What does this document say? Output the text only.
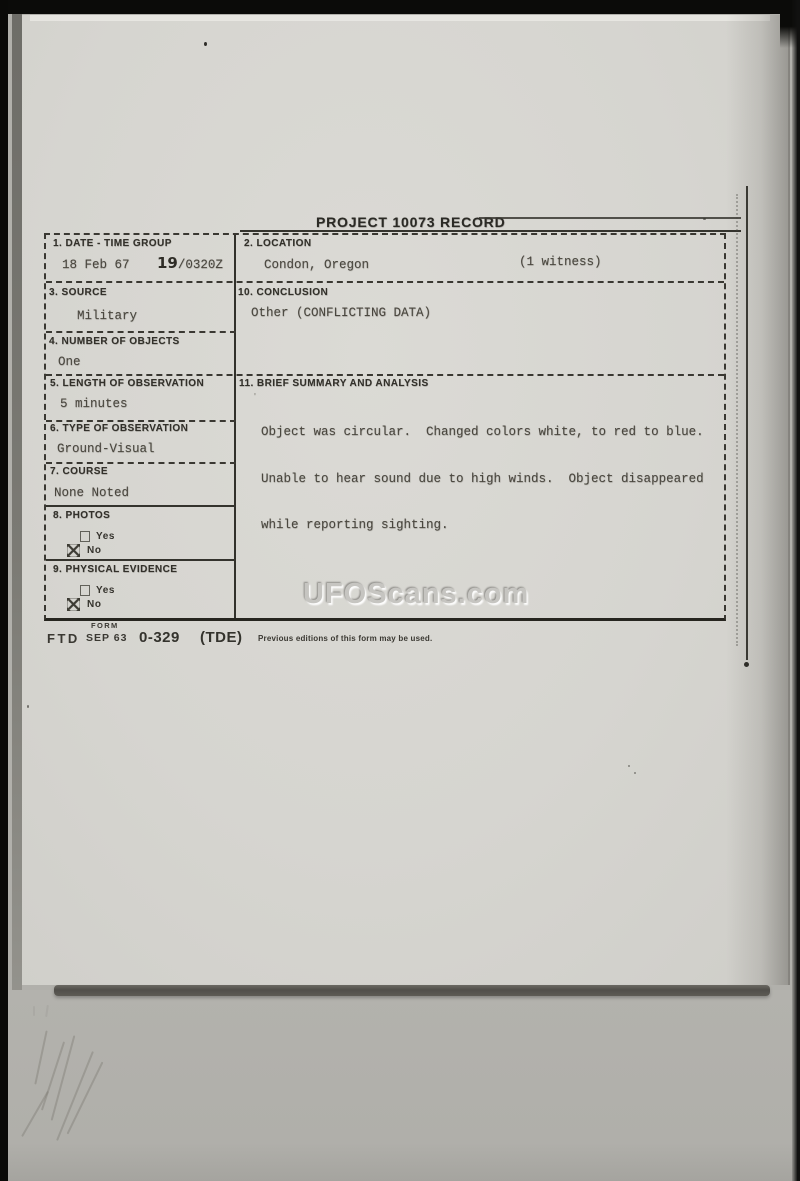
PROJECT 10073 RECORD
1. DATE - TIME GROUP
18 Feb 67 19/0320Z
2. LOCATION
Condon, Oregon	(1 witness)
3. SOURCE
Military
10. CONCLUSION
Other (CONFLICTING DATA)
4. NUMBER OF OBJECTS
One
5. LENGTH OF OBSERVATION
5 minutes
11. BRIEF SUMMARY AND ANALYSIS
'

Object was circular.  Changed colors white, to red to blue.

Unable to hear sound due to high winds.  Object disappeared

while reporting sighting.

6. TYPE OF OBSERVATION
Ground-Visual
7. COURSE
None Noted
8. PHOTOS
Yes
No
9. PHYSICAL EVIDENCE
Yes
No	UFOScans.com
FORM
FTD SEP 63 0-329 (TDE) Previous editions of this form may be used.
